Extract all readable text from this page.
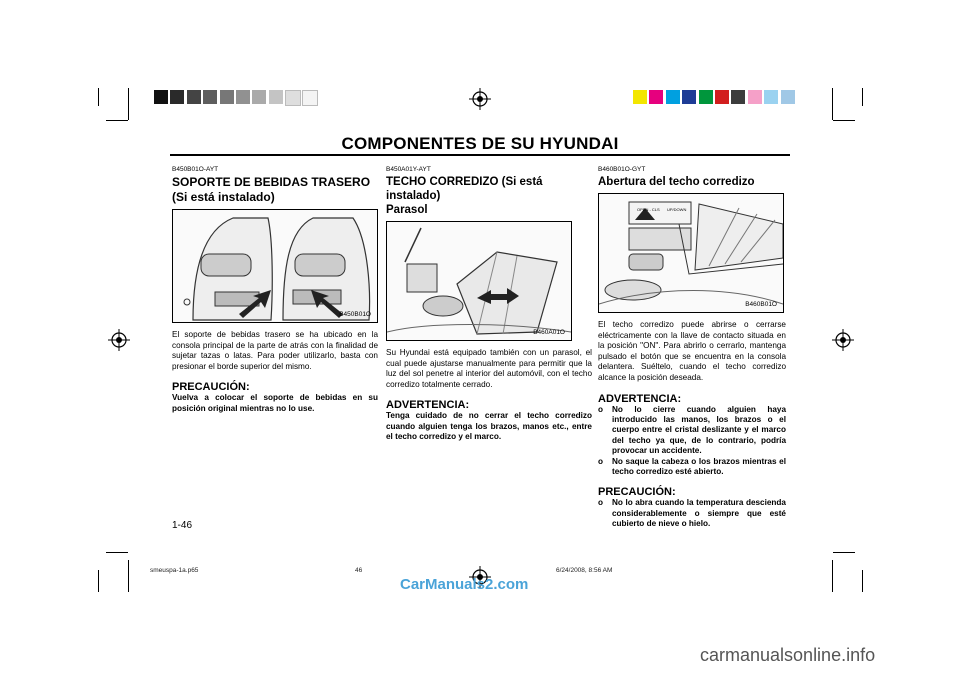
COMPONENTES DE SU HYUNDAI
B450B01O-AYT
SOPORTE DE BEBIDAS TRASERO
(Si está instalado)
B450B01O
El soporte de bebidas trasero se ha ubicado en la consola principal de la parte de atrás con la finalidad de sujetar tazas o latas. Para poder utilizarlo, basta con presionar el borde superior del mismo.
PRECAUCIÓN:
Vuelva a colocar el soporte de bebidas en su posición original mientras no lo use.
B450A01Y-AYT
TECHO CORREDIZO (Si está instalado)
Parasol
B460A01O
Su Hyundai está equipado también con un parasol, el cual puede ajustarse manualmente para permitir que la luz del sol penetre al interior del automóvil, con el techo corredizo totalmente cerrado.
ADVERTENCIA:
Tenga cuidado de no cerrar el techo corredizo cuando alguien tenga los brazos, manos etc., entre el techo corredizo y el marco.
B460B01O-GYT
Abertura del techo corredizo
OPEN - CLS UP/DOWN
B460B01O
El techo corredizo puede abrirse o cerrarse eléctricamente con la llave de contacto situada en la posición "ON". Para abrirlo o cerrarlo, mantenga pulsado el botón que se encuentra en la consola delantera. Suéltelo, cuando el techo corredizo alcance la posición deseada.
ADVERTENCIA:
o	No lo cierre cuando alguien haya introducido las manos, los brazos o el cuerpo entre el cristal deslizante y el marco del techo ya que, de lo contrario, podría provocar un accidente.
o	No saque la cabeza o los brazos mientras el techo corredizo esté abierto.
PRECAUCIÓN:
o	No lo abra cuando la temperatura descienda considerablemente o siempre que esté cubierto de nieve o hielo.
1-46
smeuspa-1a.p65	46	6/24/2008, 8:56 AM
CarManuals2.com
carmanualsonline.info
